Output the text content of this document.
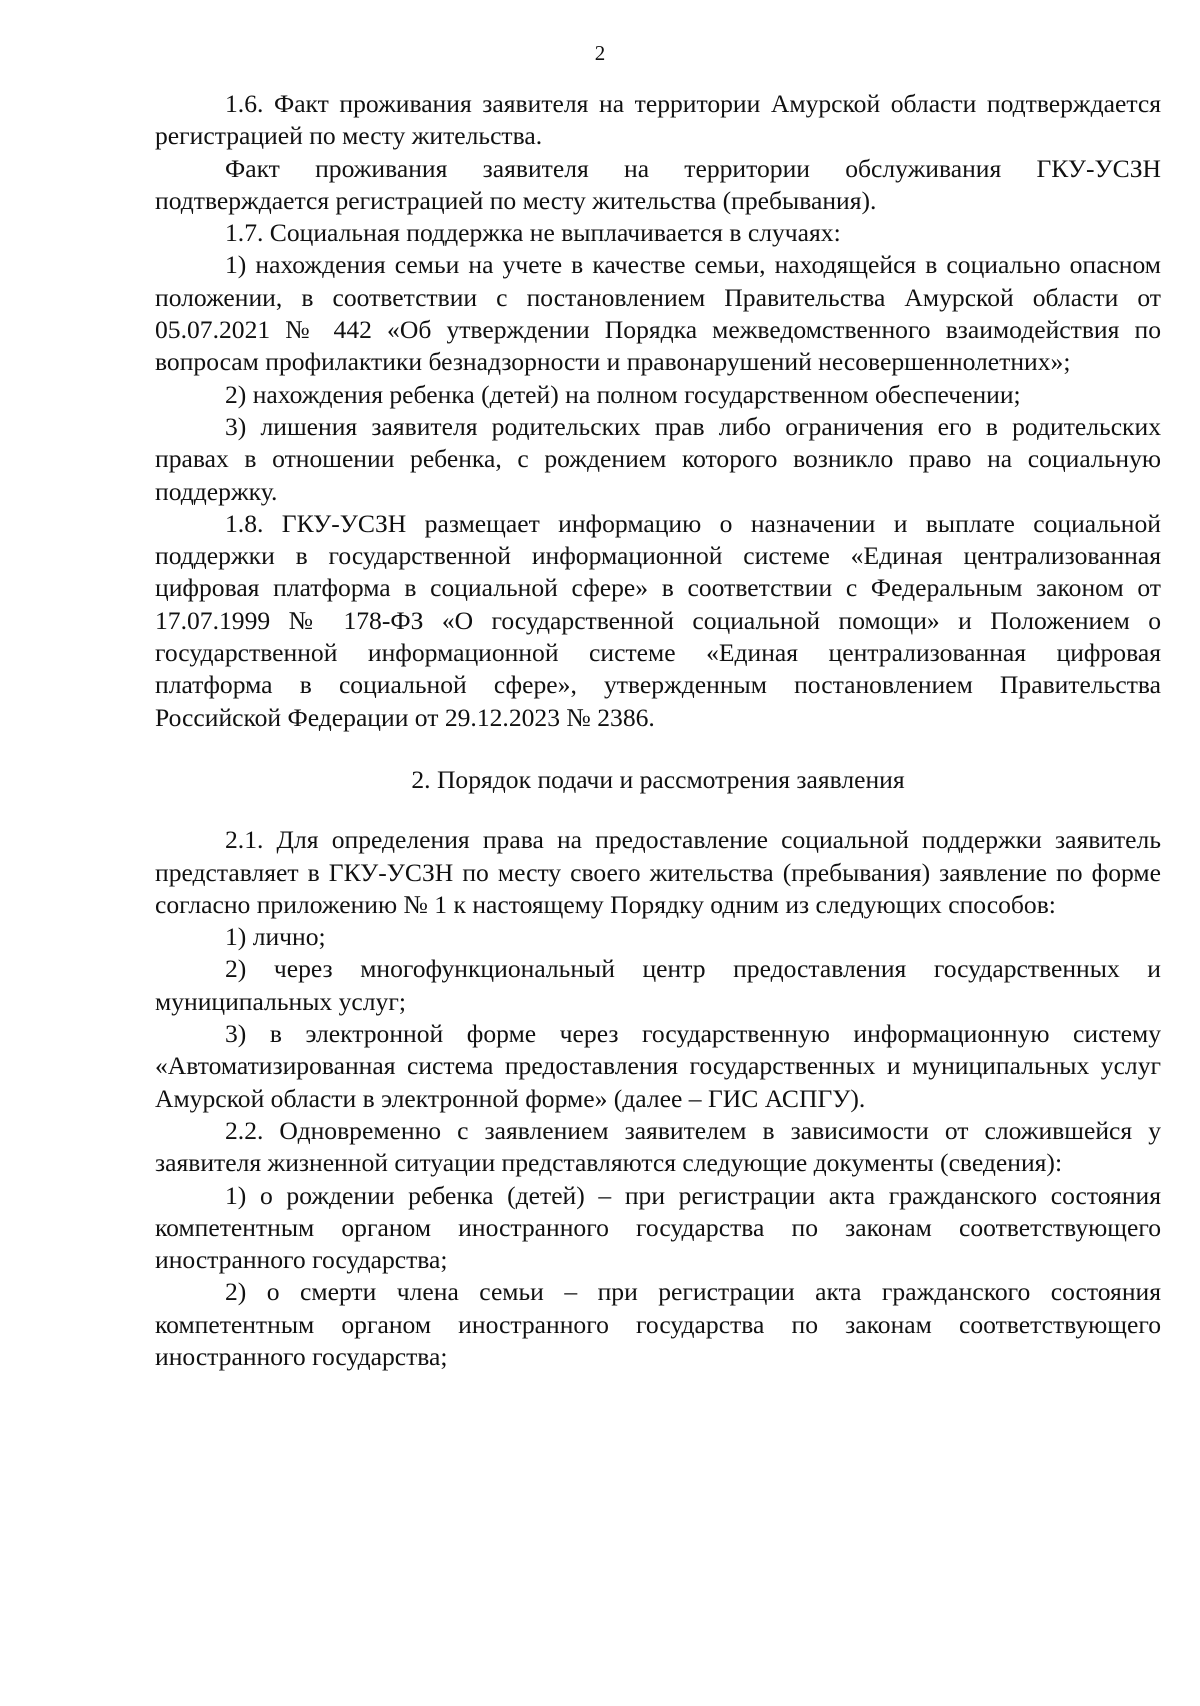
2

1.6. Факт проживания заявителя на территории Амурской области подтверждается регистрацией по месту жительства.

Факт проживания заявителя на территории обслуживания ГКУ-УСЗН подтверждается регистрацией по месту жительства (пребывания).

1.7. Социальная поддержка не выплачивается в случаях:

1) нахождения семьи на учете в качестве семьи, находящейся в социально опасном положении, в соответствии с постановлением Правительства Амурской области от 05.07.2021 № 442 «Об утверждении Порядка межведомственного взаимодействия по вопросам профилактики безнадзорности и правонарушений несовершеннолетних»;

2) нахождения ребенка (детей) на полном государственном обеспечении;

3) лишения заявителя родительских прав либо ограничения его в родительских правах в отношении ребенка, с рождением которого возникло право на социальную поддержку.

1.8. ГКУ-УСЗН размещает информацию о назначении и выплате социальной поддержки в государственной информационной системе «Единая централизованная цифровая платформа в социальной сфере» в соответствии с Федеральным законом от 17.07.1999 № 178-ФЗ «О государственной социальной помощи» и Положением о государственной информационной системе «Единая централизованная цифровая платформа в социальной сфере», утвержденным постановлением Правительства Российской Федерации от 29.12.2023 № 2386.

2. Порядок подачи и рассмотрения заявления

2.1. Для определения права на предоставление социальной поддержки заявитель представляет в ГКУ-УСЗН по месту своего жительства (пребывания) заявление по форме согласно приложению № 1 к настоящему Порядку одним из следующих способов:

1) лично;

2) через многофункциональный центр предоставления государственных и муниципальных услуг;

3) в электронной форме через государственную информационную систему «Автоматизированная система предоставления государственных и муниципальных услуг Амурской области в электронной форме» (далее – ГИС АСПГУ).

2.2. Одновременно с заявлением заявителем в зависимости от сложившейся у заявителя жизненной ситуации представляются следующие документы (сведения):

1) о рождении ребенка (детей) – при регистрации акта гражданского состояния компетентным органом иностранного государства по законам соответствующего иностранного государства;

2) о смерти члена семьи – при регистрации акта гражданского состояния компетентным органом иностранного государства по законам соответствующего иностранного государства;
